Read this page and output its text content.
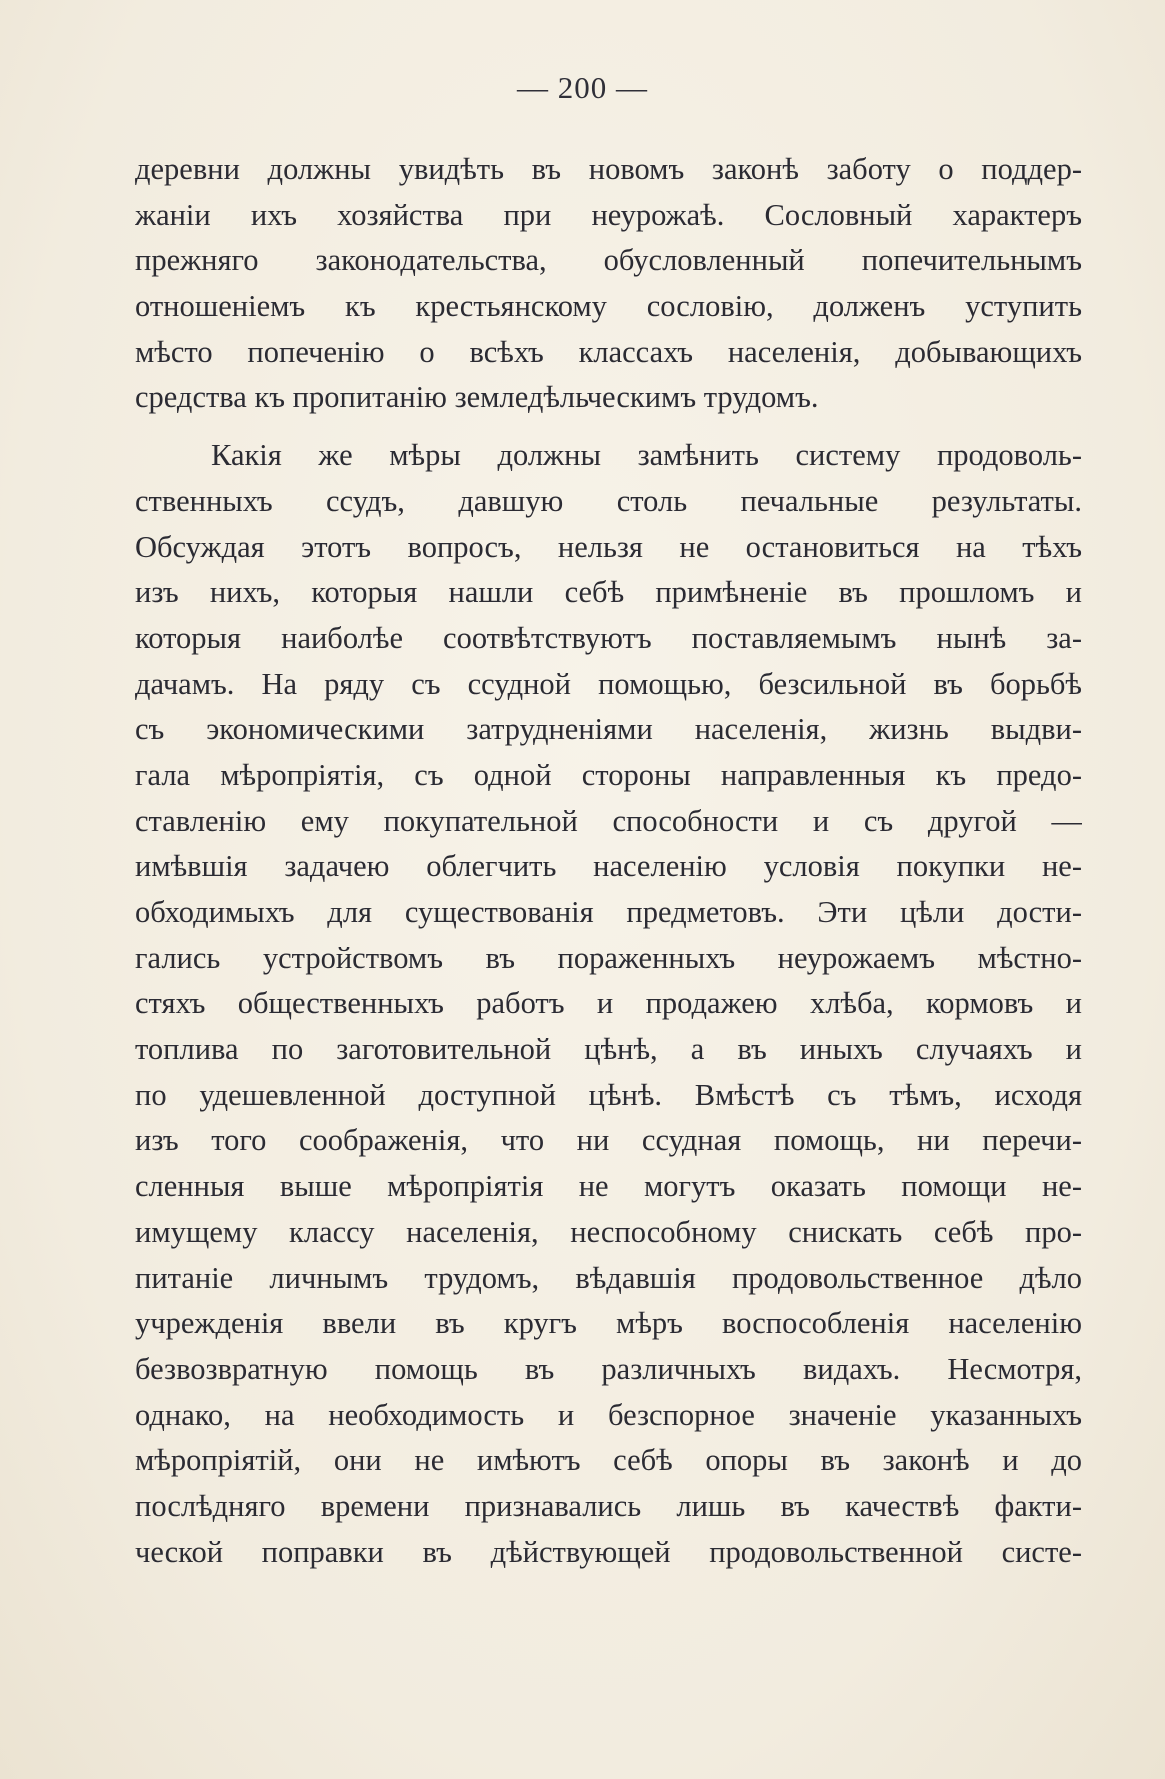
— 200 —
деревни должны увидѣть въ новомъ законѣ заботу о поддер-
жаніи ихъ хозяйства при неурожаѣ. Сословный характеръ
прежняго законодательства, обусловленный попечительнымъ
отношеніемъ къ крестьянскому сословію, долженъ уступить
мѣсто попеченію о всѣхъ классахъ населенія, добывающихъ
средства къ пропитанію земледѣльческимъ трудомъ.
Какія же мѣры должны замѣнить систему продоволь-
ственныхъ ссудъ, давшую столь печальные результаты.
Обсуждая этотъ вопросъ, нельзя не остановиться на тѣхъ
изъ нихъ, которыя нашли себѣ примѣненіе въ прошломъ и
которыя наиболѣе соотвѣтствуютъ поставляемымъ нынѣ за-
дачамъ. На ряду съ ссудной помощью, безсильной въ борьбѣ
съ экономическими затрудненіями населенія, жизнь выдви-
гала мѣропріятія, съ одной стороны направленныя къ предо-
ставленію ему покупательной способности и съ другой —
имѣвшія задачею облегчить населенію условія покупки не-
обходимыхъ для существованія предметовъ. Эти цѣли дости-
гались устройствомъ въ пораженныхъ неурожаемъ мѣстно-
стяхъ общественныхъ работъ и продажею хлѣба, кормовъ и
топлива по заготовительной цѣнѣ, а въ иныхъ случаяхъ и
по удешевленной доступной цѣнѣ. Вмѣстѣ съ тѣмъ, исходя
изъ того соображенія, что ни ссудная помощь, ни перечи-
сленныя выше мѣропріятія не могутъ оказать помощи не-
имущему классу населенія, неспособному снискать себѣ про-
питаніе личнымъ трудомъ, вѣдавшія продовольственное дѣло
учрежденія ввели въ кругъ мѣръ воспособленія населенію
безвозвратную помощь въ различныхъ видахъ. Несмотря,
однако, на необходимость и безспорное значеніе указанныхъ
мѣропріятій, они не имѣютъ себѣ опоры въ законѣ и до
послѣдняго времени признавались лишь въ качествѣ факти-
ческой поправки въ дѣйствующей продовольственной систе-
